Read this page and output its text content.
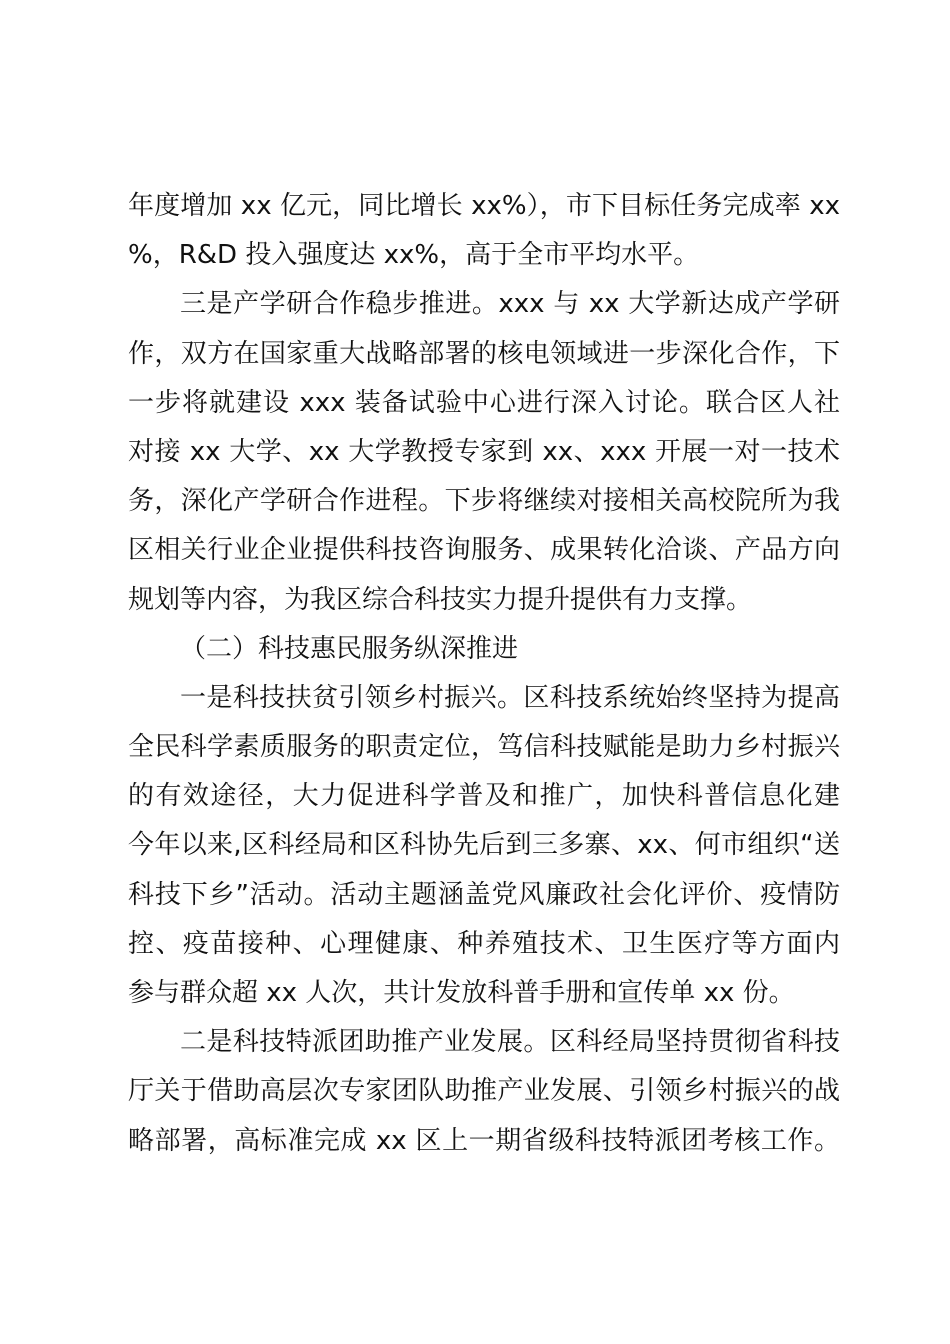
年度增加 xx 亿元，同比增长 xx%），市下目标任务完成率 xx
%，R&D 投入强度达 xx%，高于全市平均水平。
三是产学研合作稳步推进。xxx 与 xx 大学新达成产学研
作，双方在国家重大战略部署的核电领域进一步深化合作，下
一步将就建设 xxx 装备试验中心进行深入讨论。联合区人社
对接 xx 大学、xx 大学教授专家到 xx、xxx 开展一对一技术
务，深化产学研合作进程。下步将继续对接相关高校院所为我
区相关行业企业提供科技咨询服务、成果转化洽谈、产品方向
规划等内容，为我区综合科技实力提升提供有力支撑。
（二）科技惠民服务纵深推进
一是科技扶贫引领乡村振兴。区科技系统始终坚持为提高
全民科学素质服务的职责定位，笃信科技赋能是助力乡村振兴
的有效途径，大力促进科学普及和推广，加快科普信息化建
今年以来,区科经局和区科协先后到三多寨、xx、何市组织“送
科技下乡”活动。活动主题涵盖党风廉政社会化评价、疫情防
控、疫苗接种、心理健康、种养殖技术、卫生医疗等方面内
参与群众超 xx 人次，共计发放科普手册和宣传单 xx 份。
二是科技特派团助推产业发展。区科经局坚持贯彻省科技
厅关于借助高层次专家团队助推产业发展、引领乡村振兴的战
略部署，高标准完成 xx 区上一期省级科技特派团考核工作。
